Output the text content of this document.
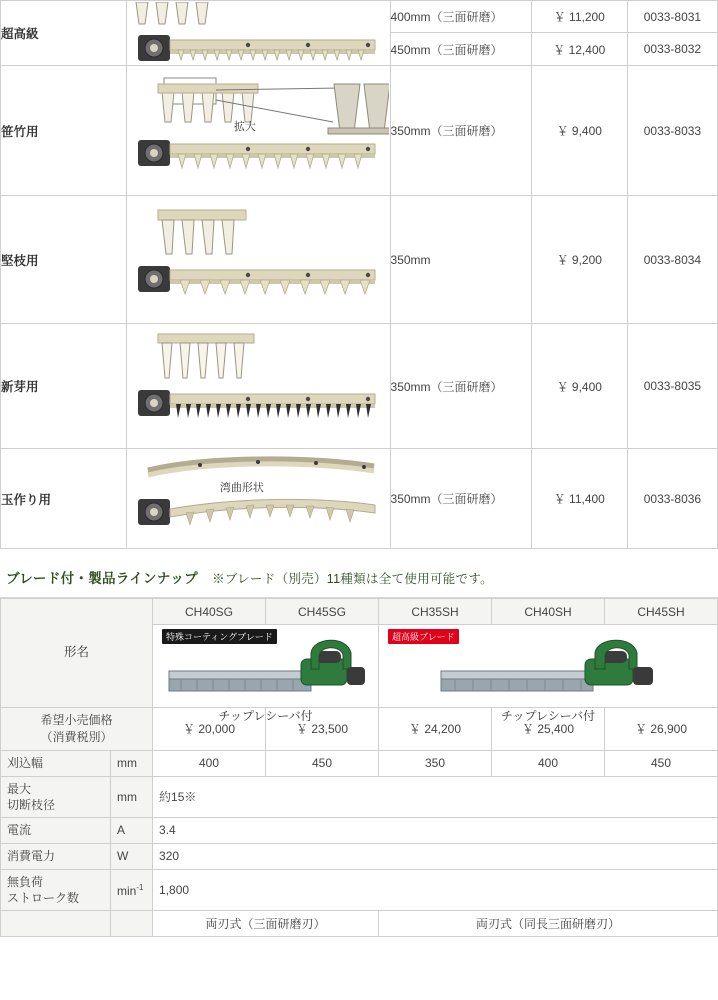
超高級		400mm（三面研磨）	￥ 11,200	0033-8031
		450mm（三面研磨）	￥ 12,400	0033-8032
笹竹用	拡大	350mm（三面研磨）	￥ 9,400	0033-8033
堅枝用		350mm	￥ 9,200	0033-8034
新芽用		350mm（三面研磨）	￥ 9,400	0033-8035
玉作り用	湾曲形状	350mm（三面研磨）	￥ 11,400	0033-8036
ブレード付・製品ラインナップ ※ブレード（別売）11種類は全て使用可能です。
形名		CH40SG	CH45SG	CH35SH	CH40SH	CH45SH

		特殊コーティングブレード
チップレシーバ付		超高級ブレード
チップレシーバ付		

希望小売価格
（消費税別）		￥ 20,000	￥ 23,500	￥ 24,200	￥ 25,400	￥ 26,900
刈込幅	mm	400	450	350	400	450

最大
切断枝径	mm	約15※				
電流	A	3.4				
消費電力	W	320				

無負荷
ストローク数	$\min^{-1}$	1,800				
		両刃式（三面研磨刃）		両刃式（同長三面研磨刃）		
